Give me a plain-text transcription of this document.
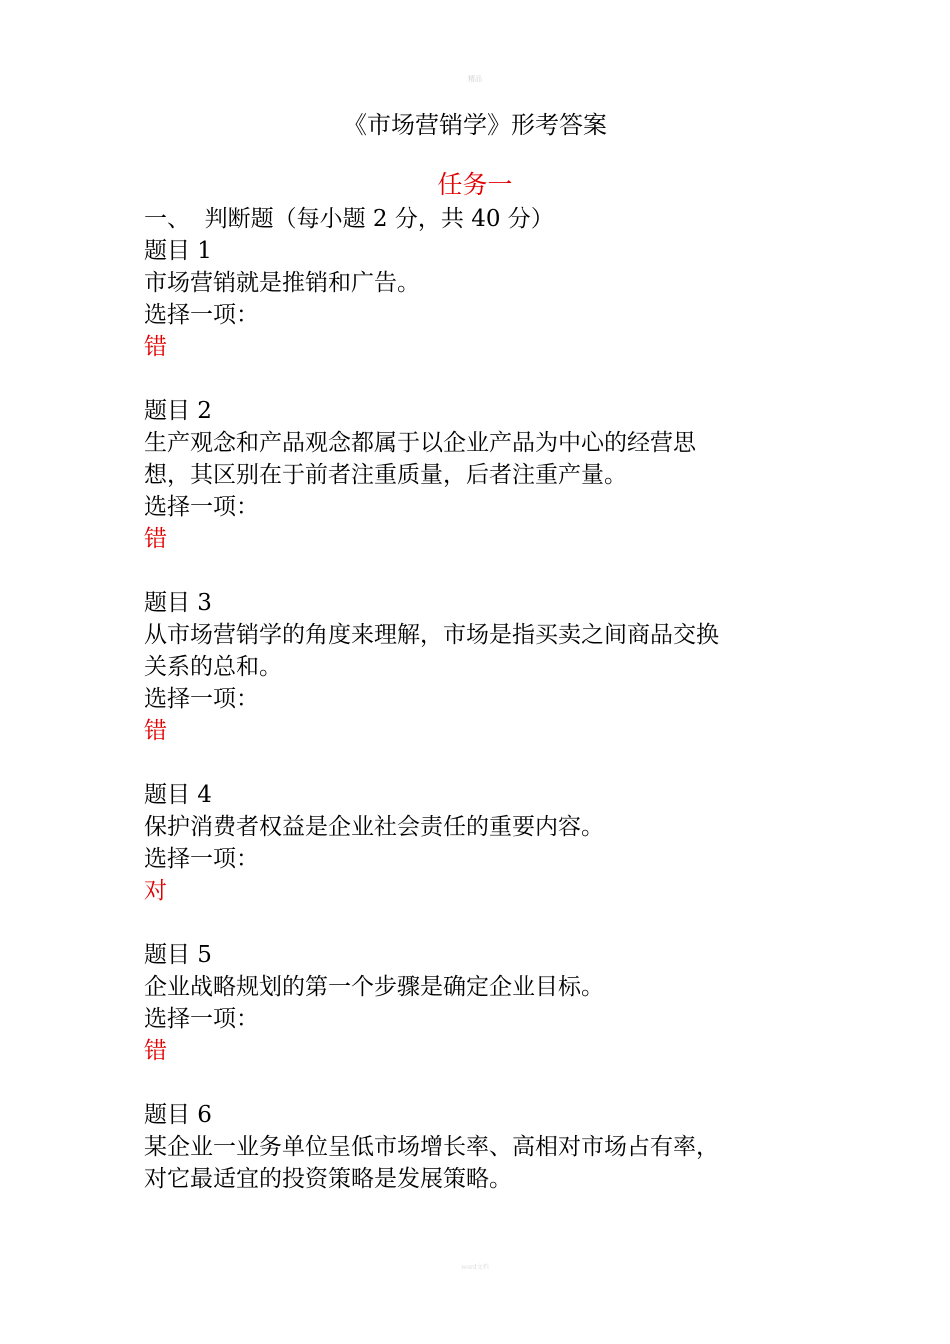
精品
《市场营销学》形考答案
任务一
一、  判断题（每小题 2 分，共 40 分）
题目 1
市场营销就是推销和广告。
选择一项：
错
题目 2
生产观念和产品观念都属于以企业产品为中心的经营思
想，其区别在于前者注重质量，后者注重产量。
选择一项：
错
题目 3
从市场营销学的角度来理解，市场是指买卖之间商品交换
关系的总和。
选择一项：
错
题目 4
保护消费者权益是企业社会责任的重要内容。
选择一项：
对
题目 5
企业战略规划的第一个步骤是确定企业目标。
选择一项：
错
题目 6
某企业一业务单位呈低市场增长率、高相对市场占有率，
对它最适宜的投资策略是发展策略。
word文档
